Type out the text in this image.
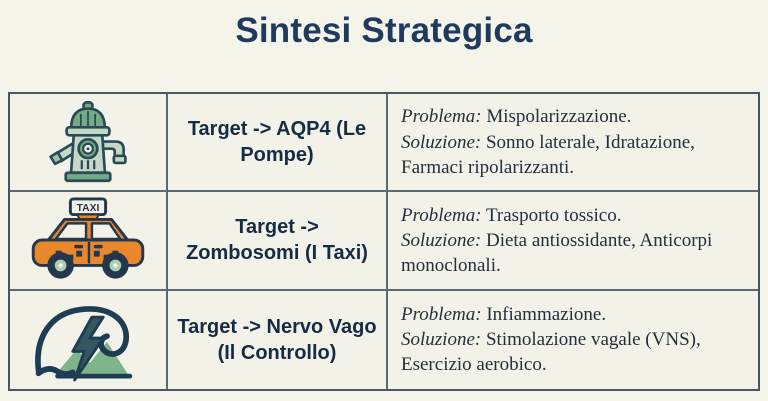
Sintesi Strategica
Target -> AQP4 (Le Pompe)
Problema: Mispolarizzazione.
Soluzione: Sonno laterale, Idratazione, Farmaci ripolarizzanti.
TAXI
Target -> Zombosomi (I Taxi)
Problema: Trasporto tossico.
Soluzione: Dieta antiossidante, Anticorpi monoclonali.
Target -> Nervo Vago (Il Controllo)
Problema: Infiammazione.
Soluzione: Stimolazione vagale (VNS), Esercizio aerobico.
